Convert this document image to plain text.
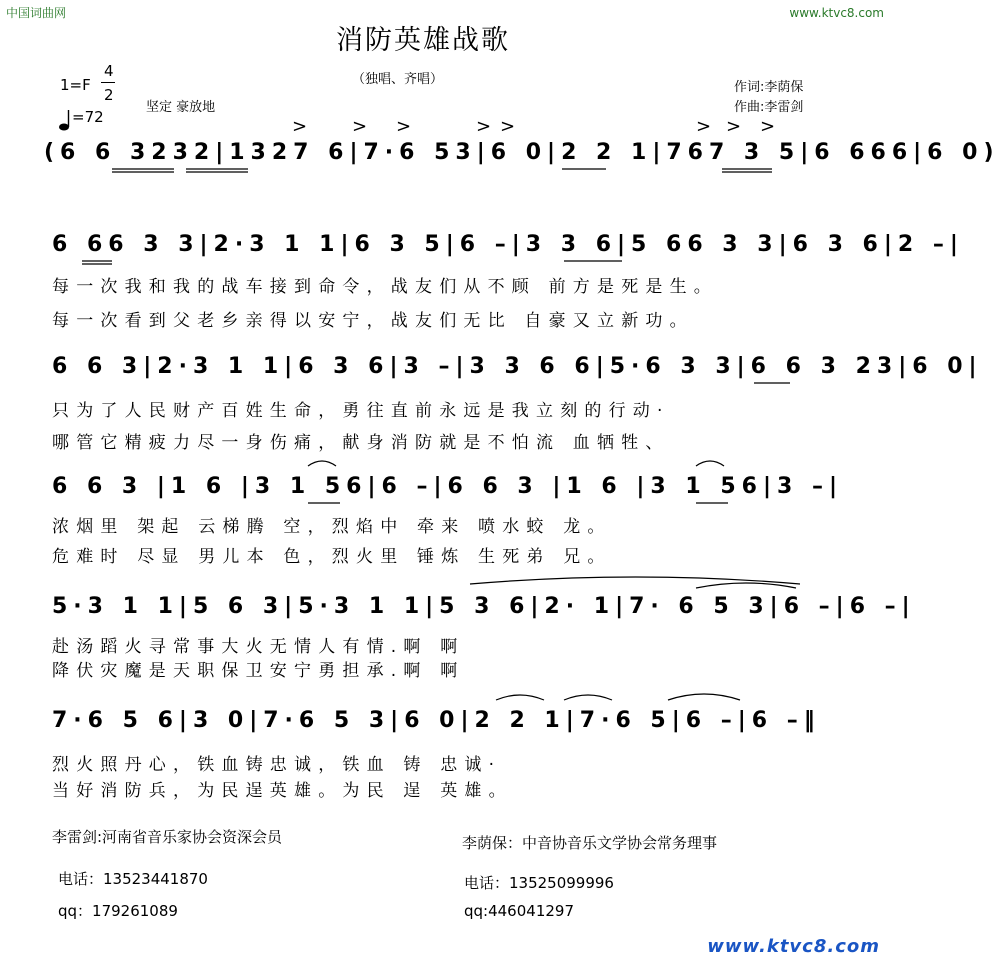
中国词曲网	www.ktvc8.com
消防英雄战歌
（独唱、齐唱）
1=F
4
2
=72
坚定 豪放地
作词:李荫保
作曲:李雷剑
> > >	> >	> > >
(6 6 3232|1327 6|7·6 53|6 0|2 2 1|767 3 5|6 666|6 0)
6 66 3 3|2·3 1 1|6 3 5|6 –|3 3 6|5 66 3 3|6 3 6|2 –|
每一次我和我的战车接到命令，战友们从不顾 前方是死是生。
每一次看到父老乡亲得以安宁，战友们无比 自豪又立新功。
6 6 3|2·3 1 1|6 3 6|3 –|3 3 6 6|5·6 3 3|6 6 3 23|6 0|
只为了人民财产百姓生命，勇往直前永远是我立刻的行动·
哪管它精疲力尽一身伤痛，献身消防就是不怕流 血牺牲、
6 6 3 |1 6 |3 1 56|6 –|6 6 3 |1 6 |3 1 56|3 –|
浓烟里 架起 云梯腾 空，烈焰中 牵来 喷水蛟 龙。
危难时 尽显 男儿本 色，烈火里 锤炼 生死弟 兄。
5·3 1 1|5 6 3|5·3 1 1|5 3 6|2· 1|7· 6 5 3|6 –|6 –|
赴汤蹈火寻常事大火无情人有情.啊 啊
降伏灾魔是天职保卫安宁勇担承.啊 啊
7·6 5 6|3 0|7·6 5 3|6 0|2 2 1|7·6 5|6 –|6 –‖
烈火照丹心，铁血铸忠诚，铁血 铸 忠诚·
当好消防兵，为民逞英雄。为民 逞 英雄。
李雷剑:河南省音乐家协会资深会员
电话：13523441870
qq：179261089
李荫保：中音协音乐文学协会常务理事
电话：13525099996
qq:446041297
www.ktvc8.com
